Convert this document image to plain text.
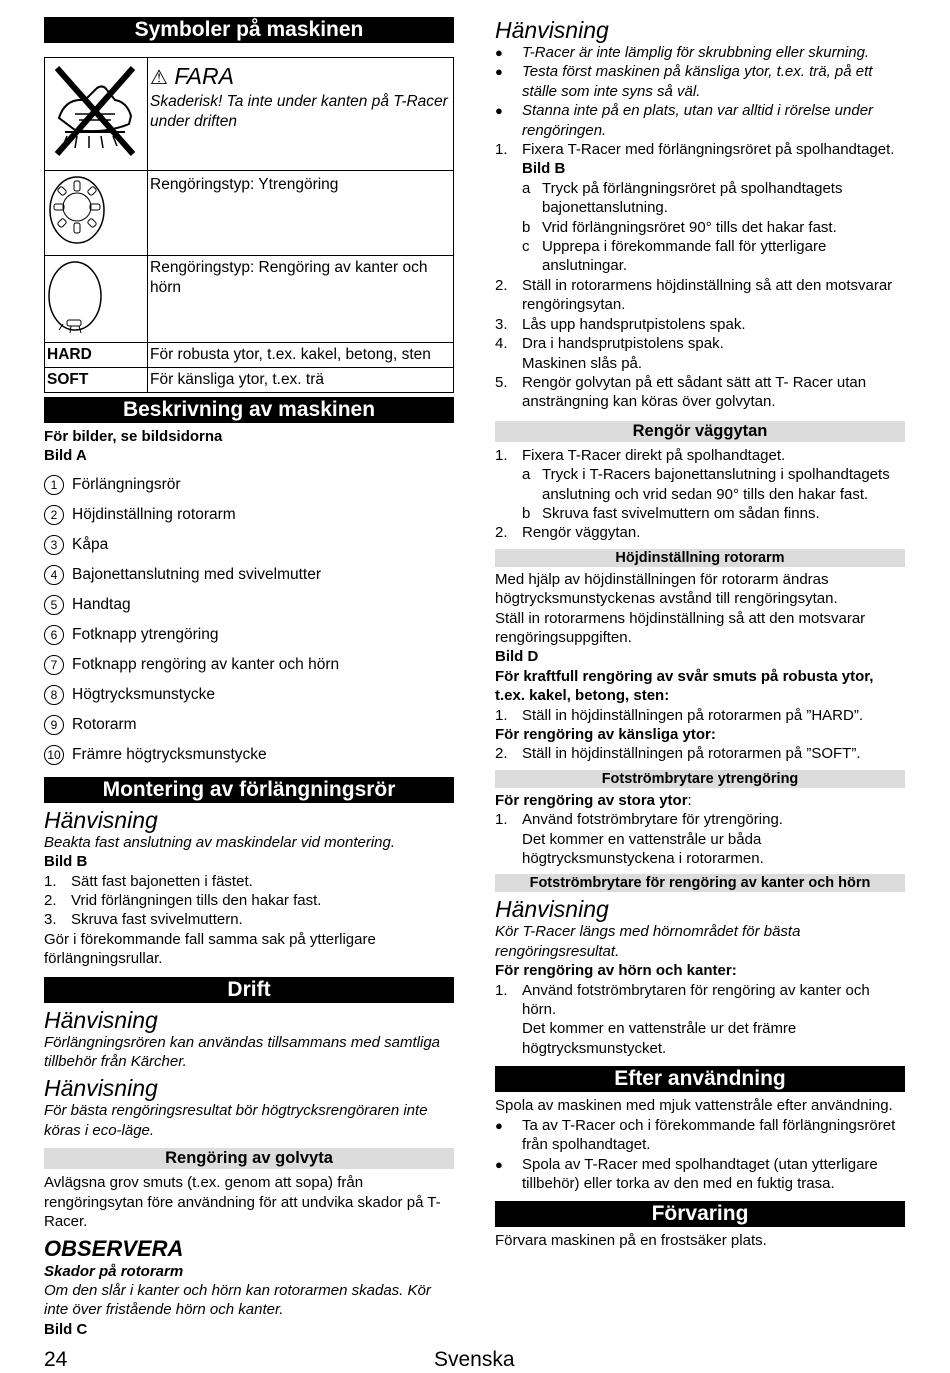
Symboler på maskinen

⚠ FARA
Skaderisk! Ta inte under kanten på T-Racer under driften

	Rengöringstyp: Ytrengöring
	Rengöringstyp: Rengöring av kanter och hörn
HARD	För robusta ytor, t.ex. kakel, betong, sten
SOFT	För känsliga ytor, t.ex. trä
Beskrivning av maskinen

För bilder, se bildsidorna

Bild A

1 Förlängningsrör
2 Höjdinställning rotorarm
3 Kåpa
4 Bajonettanslutning med svivelmutter
5 Handtag
6 Fotknapp ytrengöring
7 Fotknapp rengöring av kanter och hörn
8 Högtrycksmunstycke
9 Rotorarm
10 Främre högtrycksmunstycke
Montering av förlängningsrör
Hänvisning

Beakta fast anslutning av maskindelar vid montering.

Bild B

1. Sätt fast bajonetten i fästet.
2. Vrid förlängningen tills den hakar fast.
3. Skruva fast svivelmuttern.

Gör i förekommande fall samma sak på ytterligare förlängningsrullar.

Drift
Hänvisning

Förlängningsrören kan användas tillsammans med samtliga tillbehör från Kärcher.

Hänvisning

För bästa rengöringsresultat bör högtrycksrengöraren inte köras i eco-läge.

Rengöring av golvyta

Avlägsna grov smuts (t.ex. genom att sopa) från rengöringsytan före användning för att undvika skador på T-Racer.

OBSERVERA

Skador på rotorarm

Om den slår i kanter och hörn kan rotorarmen skadas. Kör inte över fristående hörn och kanter.

Bild C

Hänvisning
●	T-Racer är inte lämplig för skrubbning eller skurning.
●	Testa först maskinen på känsliga ytor, t.ex. trä, på ett ställe som inte syns så väl.
●	Stanna inte på en plats, utan var alltid i rörelse under rengöringen.
1. Fixera T-Racer med förlängningsröret på spolhandtaget.
Bild B
a Tryck på förlängningsröret på spolhandtagets bajonettanslutning.
b Vrid förlängningsröret 90° tills det hakar fast.
c Upprepa i förekommande fall för ytterligare anslutningar.
2. Ställ in rotorarmens höjdinställning så att den motsvarar rengöringsytan.
3. Lås upp handsprutpistolens spak.
4. Dra i handsprutpistolens spak.
Maskinen slås på.
5. Rengör golvytan på ett sådant sätt att T- Racer utan ansträngning kan köras över golvytan.
Rengör väggytan
1. Fixera T-Racer direkt på spolhandtaget.
a Tryck i T-Racers bajonettanslutning i spolhandtagets anslutning och vrid sedan 90° tills den hakar fast.
b Skruva fast svivelmuttern om sådan finns.
2. Rengör väggytan.
Höjdinställning rotorarm

Med hjälp av höjdinställningen för rotorarm ändras högtrycksmunstyckenas avstånd till rengöringsytan.

Ställ in rotorarmens höjdinställning så att den motsvarar rengöringsuppgiften.

Bild D

För kraftfull rengöring av svår smuts på robusta ytor, t.ex. kakel, betong, sten:

1. Ställ in höjdinställningen på rotorarmen på ”HARD”.

För rengöring av känsliga ytor:

2. Ställ in höjdinställningen på rotorarmen på ”SOFT”.
Fotströmbrytare ytrengöring

För rengöring av stora ytor:

1. Använd fotströmbrytare för ytrengöring.
Det kommer en vattenstråle ur båda högtrycksmunstyckena i rotorarmen.
Fotströmbrytare för rengöring av kanter och hörn
Hänvisning

Kör T-Racer längs med hörnområdet för bästa rengöringsresultat.

För rengöring av hörn och kanter:

1. Använd fotströmbrytaren för rengöring av kanter och hörn.
Det kommer en vattenstråle ur det främre högtrycksmunstycket.
Efter användning

Spola av maskinen med mjuk vattenstråle efter användning.

●	Ta av T-Racer och i förekommande fall förlängningsröret från spolhandtaget.
●	Spola av T-Racer med spolhandtaget (utan ytterligare tillbehör) eller torka av den med en fuktig trasa.
Förvaring

Förvara maskinen på en frostsäker plats.

24	Svenska
